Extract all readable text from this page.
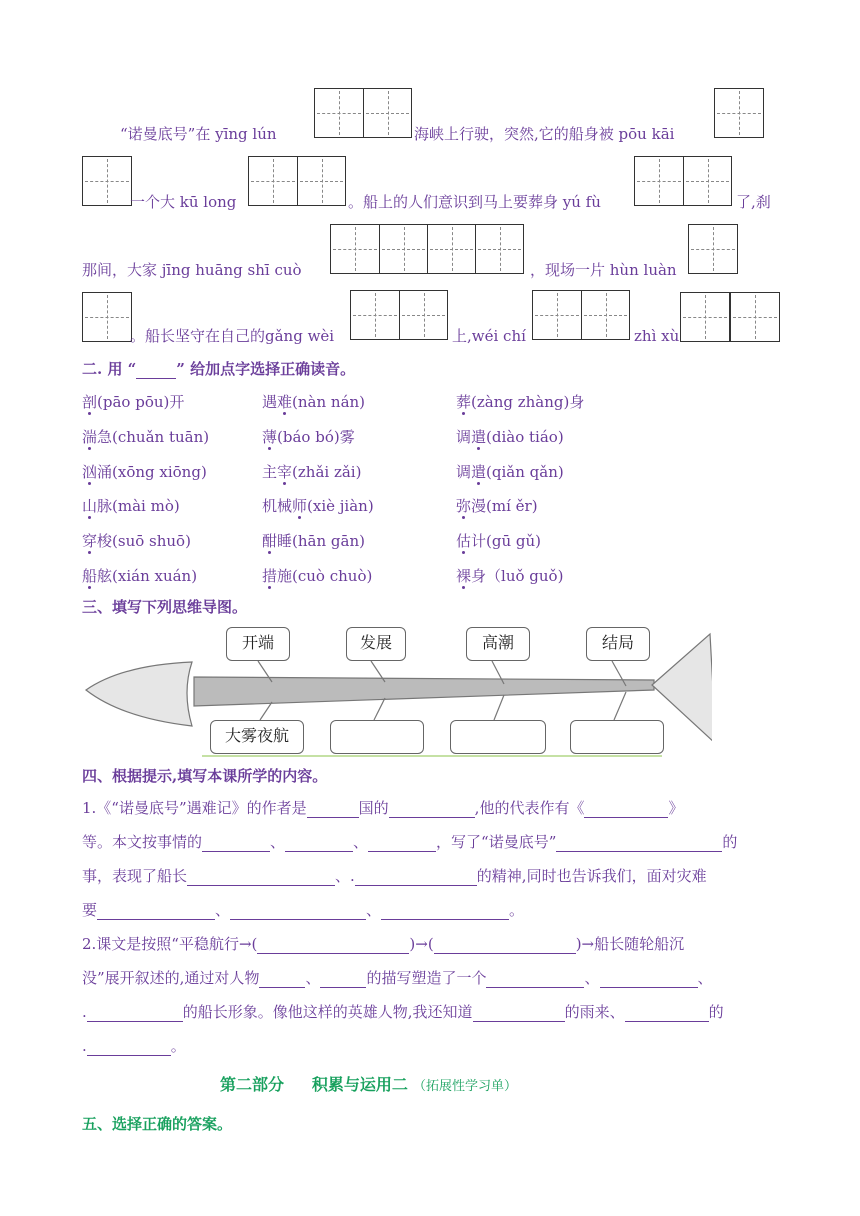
“诺曼底号”在 yīng lún	海峡上行驶，突然,它的船身被 pōu kāi
一个大 kū long	。船上的人们意识到马上要葬身 yú fù	了,刹
那间，大家 jīng huāng shī cuò	，现场一片 hùn luàn
。船长坚守在自己的gǎng wèi	上,wéi chí	zhì xù
二. 用 “	” 给加点字选择正确读音。
剖(pāo pōu)开	遇难(nàn nán)	葬(zàng zhàng)身
湍急(chuǎn tuān)	薄(báo bó)雾	调遣(diào tiáo)
汹涌(xōng xiōng)	主宰(zhǎi zǎi)	调遣(qiǎn qǎn)
山脉(mài mò)	机械师(xiè jiàn)	弥漫(mí ěr)
穿梭(suō shuō)	酣睡(hān gān)	估计(gū gǔ)
船舷(xián xuán)	措施(cuò chuò)	裸身（luǒ guǒ)
三、填写下列思维导图。
开端	发展	高潮	结局
大雾夜航
四、根据提示,填写本课所学的内容。
1.《“诺曼底号”遇难记》的作者是	国的	,他的代表作有《	》
等。本文按事情的	、	、	，写了“诺曼底号”	的
事，表现了船长	、.	的精神,同时也告诉我们，面对灾难
要	、	、	。
2.课文是按照“平稳航行→(	)→(	)→船长随轮船沉
没”展开叙述的,通过对人物	、	的描写塑造了一个	、	、
.	的船长形象。像他这样的英雄人物,我还知道	的雨来、	的
.	。
第二部分     积累与运用二 （拓展性学习单）
五、选择正确的答案。
